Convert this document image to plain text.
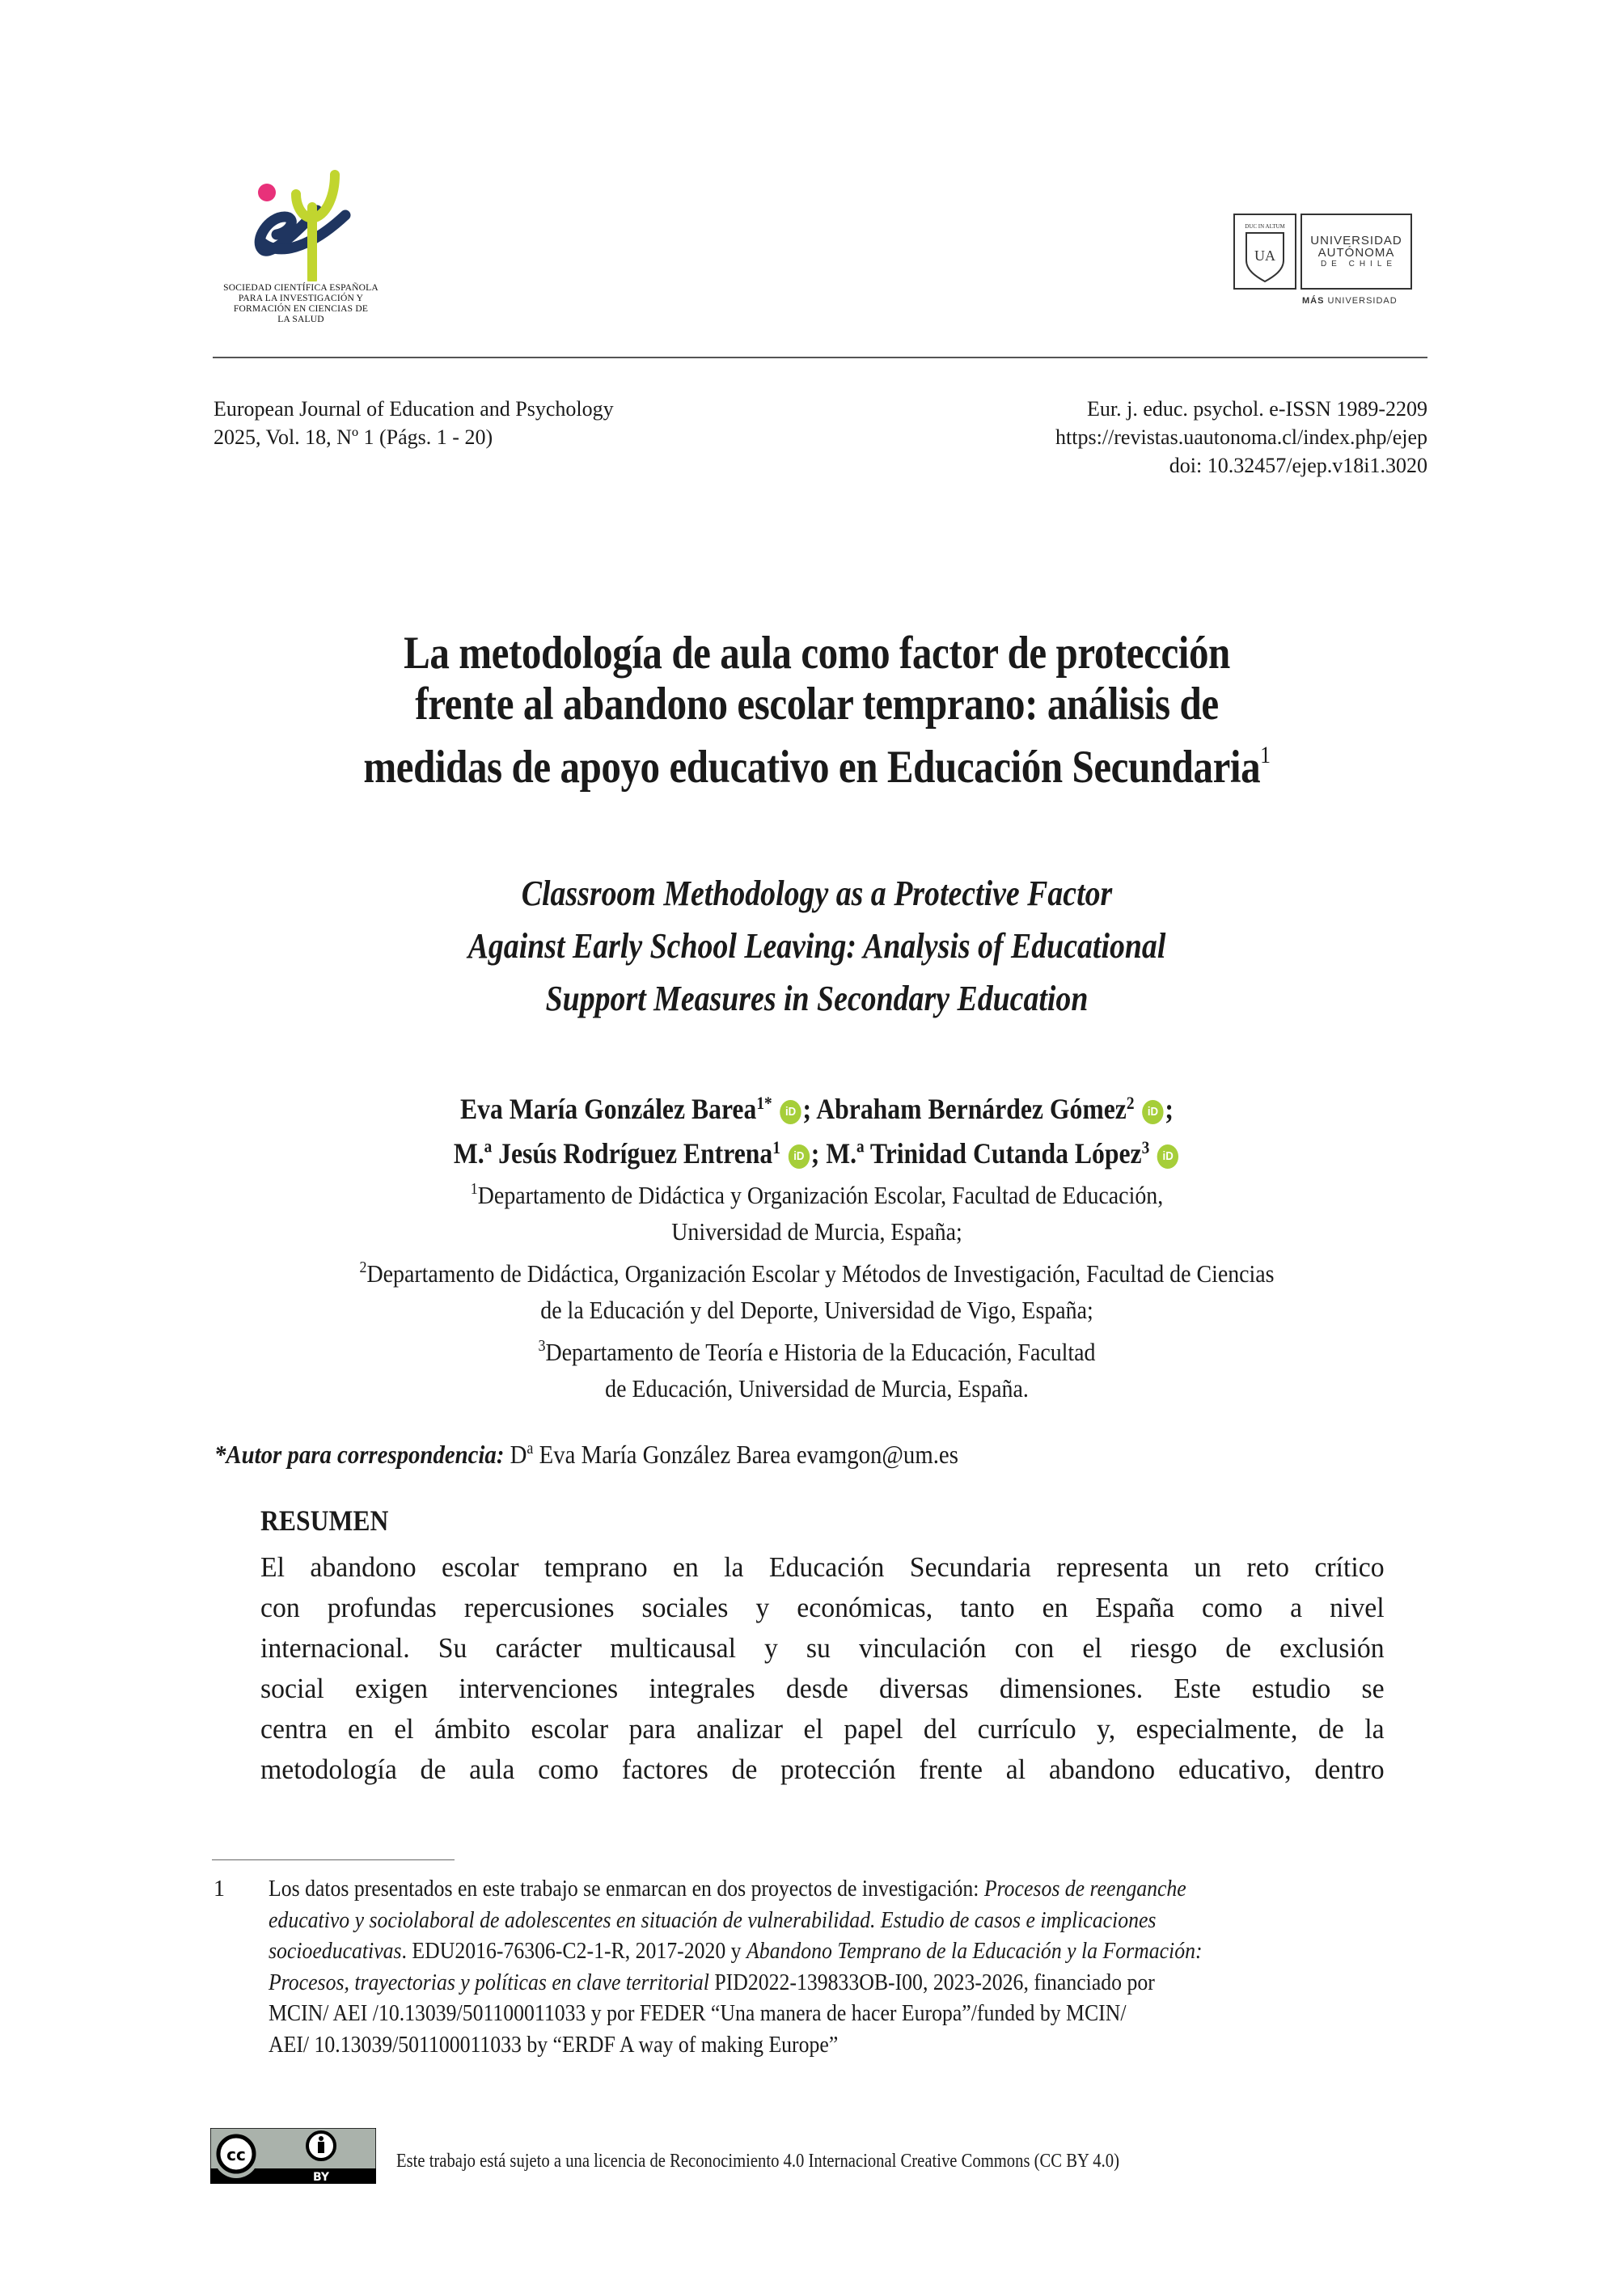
SOCIEDAD CIENTÍFICA ESPAÑOLA
PARA LA INVESTIGACIÓN Y
FORMACIÓN EN CIENCIAS DE
LA SALUD
DUC IN ALTUM
UA
UNIVERSIDAD
AUTÓNOMA
DE CHILE
MÁS UNIVERSIDAD
European Journal of Education and Psychology
2025, Vol. 18, Nº 1 (Págs. 1 - 20)
Eur. j. educ. psychol. e-ISSN 1989-2209
https://revistas.uautonoma.cl/index.php/ejep
doi: 10.32457/ejep.v18i1.3020
La metodología de aula como factor de protección
frente al abandono escolar temprano: análisis de
medidas de apoyo educativo en Educación Secundaria$^1$
Classroom Methodology as a Protective Factor
Against Early School Leaving: Analysis of Educational
Support Measures in Secondary Education
Eva María González Barea$^{1*}$ iD ; Abraham Bernárdez Gómez$^2$ iD ;
M.ª Jesús Rodríguez Entrena$^1$ iD ; M.ª Trinidad Cutanda López$^3$ iD
$^1$Departamento de Didáctica y Organización Escolar, Facultad de Educación,
Universidad de Murcia, España;
$^2$Departamento de Didáctica, Organización Escolar y Métodos de Investigación, Facultad de Ciencias
de la Educación y del Deporte, Universidad de Vigo, España;
$^3$Departamento de Teoría e Historia de la Educación, Facultad
de Educación, Universidad de Murcia, España.
*Autor para correspondencia: $D^a$ Eva María González Barea evamgon@um.es
RESUMEN
El abandono escolar temprano en la Educación Secundaria representa un reto crítico
con profundas repercusiones sociales y económicas, tanto en España como a nivel
internacional. Su carácter multicausal y su vinculación con el riesgo de exclusión
social exigen intervenciones integrales desde diversas dimensiones. Este estudio se
centra en el ámbito escolar para analizar el papel del currículo y, especialmente, de la
metodología de aula como factores de protección frente al abandono educativo, dentro
1 Los datos presentados en este trabajo se enmarcan en dos proyectos de investigación: Procesos de reenganche
educativo y sociolaboral de adolescentes en situación de vulnerabilidad. Estudio de casos e implicaciones
socioeducativas. EDU2016-76306-C2-1-R, 2017-2020 y Abandono Temprano de la Educación y la Formación:
Procesos, trayectorias y políticas en clave territorial PID2022-139833OB-I00, 2023-2026, financiado por
MCIN/ AEI /10.13039/501100011033 y por FEDER “Una manera de hacer Europa”/funded by MCIN/
AEI/ 10.13039/501100011033 by “ERDF A way of making Europe”
cc
BY
Este trabajo está sujeto a una licencia de Reconocimiento 4.0 Internacional Creative Commons (CC BY 4.0)
